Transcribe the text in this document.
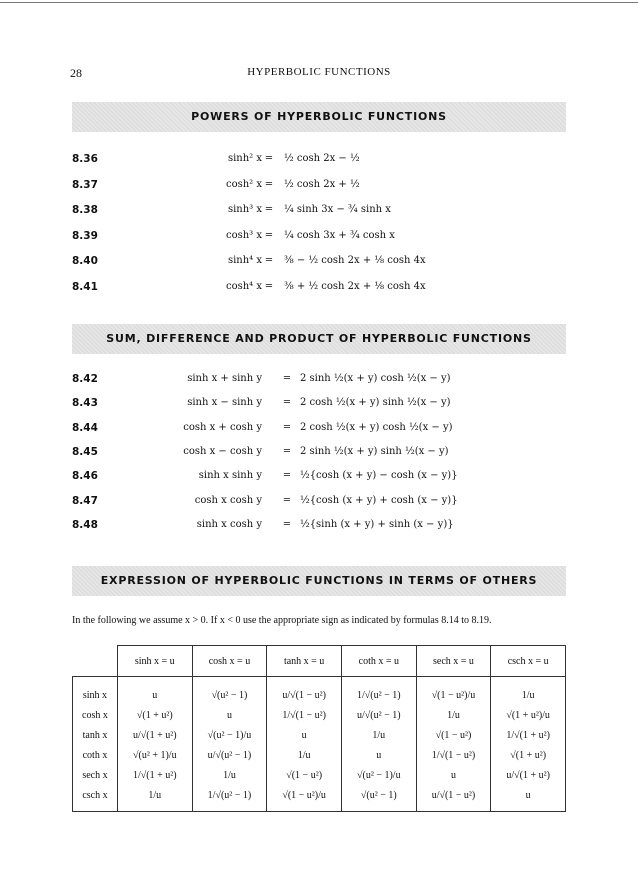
28	HYPERBOLIC FUNCTIONS
POWERS OF HYPERBOLIC FUNCTIONS
8.36	sinh² x = ½ cosh 2x − ½
8.37	cosh² x = ½ cosh 2x + ½
8.38	sinh³ x = ¼ sinh 3x − ¾ sinh x
8.39	cosh³ x = ¼ cosh 3x + ¾ cosh x
8.40	sinh⁴ x = ⅜ − ½ cosh 2x + ⅛ cosh 4x
8.41	cosh⁴ x = ⅜ + ½ cosh 2x + ⅛ cosh 4x
SUM, DIFFERENCE AND PRODUCT OF HYPERBOLIC FUNCTIONS
8.42	sinh x + sinh y = 2 sinh ½(x + y) cosh ½(x − y)
8.43	sinh x − sinh y = 2 cosh ½(x + y) sinh ½(x − y)
8.44	cosh x + cosh y = 2 cosh ½(x + y) cosh ½(x − y)
8.45	cosh x − cosh y = 2 sinh ½(x + y) sinh ½(x − y)
8.46	sinh x sinh y = ½{cosh (x + y) − cosh (x − y)}
8.47	cosh x cosh y = ½{cosh (x + y) + cosh (x − y)}
8.48	sinh x cosh y = ½{sinh (x + y) + sinh (x − y)}
EXPRESSION OF HYPERBOLIC FUNCTIONS IN TERMS OF OTHERS
In the following we assume x > 0. If x < 0 use the appropriate sign as indicated by formulas 8.14 to 8.19.
	sinh x = u	cosh x = u	tanh x = u	coth x = u	sech x = u	csch x = u
sinh x	u	√(u² − 1)	u/√(1 − u²)	1/√(u² − 1)	√(1 − u²)/u	1/u
cosh x	√(1 + u²)	u	1/√(1 − u²)	u/√(u² − 1)	1/u	√(1 + u²)/u
tanh x	u/√(1 + u²)	√(u² − 1)/u	u	1/u	√(1 − u²)	1/√(1 + u²)
coth x	√(u² + 1)/u	u/√(u² − 1)	1/u	u	1/√(1 − u²)	√(1 + u²)
sech x	1/√(1 + u²)	1/u	√(1 − u²)	√(u² − 1)/u	u	u/√(1 + u²)
csch x	1/u	1/√(u² − 1)	√(1 − u²)/u	√(u² − 1)	u/√(1 − u²)	u
